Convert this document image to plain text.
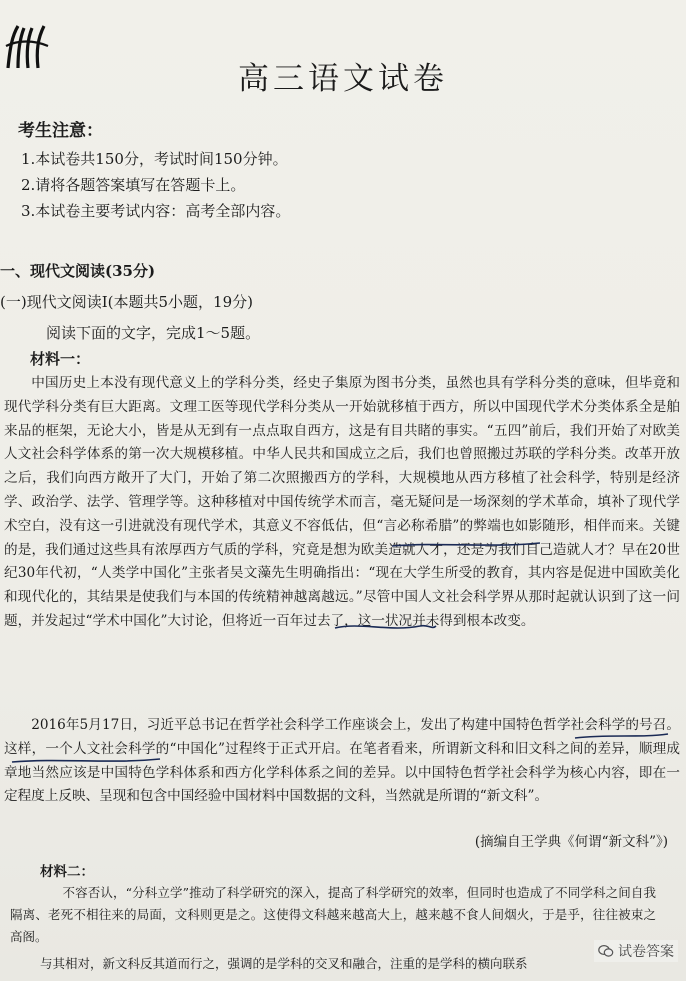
高三语文试卷
考生注意：
1.本试卷共150分，考试时间150分钟。
2.请将各题答案填写在答题卡上。
3.本试卷主要考试内容：高考全部内容。
一、现代文阅读(35分)
(一)现代文阅读Ⅰ(本题共5小题，19分)
阅读下面的文字，完成1～5题。
材料一：

中国历史上本没有现代意义上的学科分类，经史子集原为图书分类，虽然也具有学科分类的意味，但毕竟和现代学科分类有巨大距离。文理工医等现代学科分类从一开始就移植于西方，所以中国现代学术分类体系全是舶来品的框架，无论大小，皆是从无到有一点点取自西方，这是有目共睹的事实。“五四”前后，我们开始了对欧美人文社会科学体系的第一次大规模移植。中华人民共和国成立之后，我们也曾照搬过苏联的学科分类。改革开放之后，我们向西方敞开了大门，开始了第二次照搬西方的学科，大规模地从西方移植了社会科学，特别是经济学、政治学、法学、管理学等。这种移植对中国传统学术而言，毫无疑问是一场深刻的学术革命，填补了现代学术空白，没有这一引进就没有现代学术，其意义不容低估，但“言必称希腊”的弊端也如影随形，相伴而来。关键的是，我们通过这些具有浓厚西方气质的学科，究竟是想为欧美造就人才，还是为我们自己造就人才？早在20世纪30年代初，“人类学中国化”主张者吴文藻先生明确指出：“现在大学生所受的教育，其内容是促进中国欧美化和现代化的，其结果是使我们与本国的传统精神越离越远。”尽管中国人文社会科学界从那时起就认识到了这一问题，并发起过“学术中国化”大讨论，但将近一百年过去了，这一状况并未得到根本改变。

2016年5月17日，习近平总书记在哲学社会科学工作座谈会上，发出了构建中国特色哲学社会科学的号召。这样，一个人文社会科学的“中国化”过程终于正式开启。在笔者看来，所谓新文科和旧文科之间的差异，顺理成章地当然应该是中国特色学科体系和西方化学科体系之间的差异。以中国特色哲学社会科学为核心内容，即在一定程度上反映、呈现和包含中国经验中国材料中国数据的文科，当然就是所谓的“新文科”。

(摘编自王学典《何谓“新文科”》)
材料二：

不容否认，“分科立学”推动了科学研究的深入，提高了科学研究的效率，但同时也造成了不同学科之间自我隔离、老死不相往来的局面，文科则更是之。这使得文科越来越高大上，越来越不食人间烟火，于是乎，往往被束之高阁。

与其相对，新文科反其道而行之，强调的是学科的交叉和融合，注重的是学科的横向联系

试卷答案
